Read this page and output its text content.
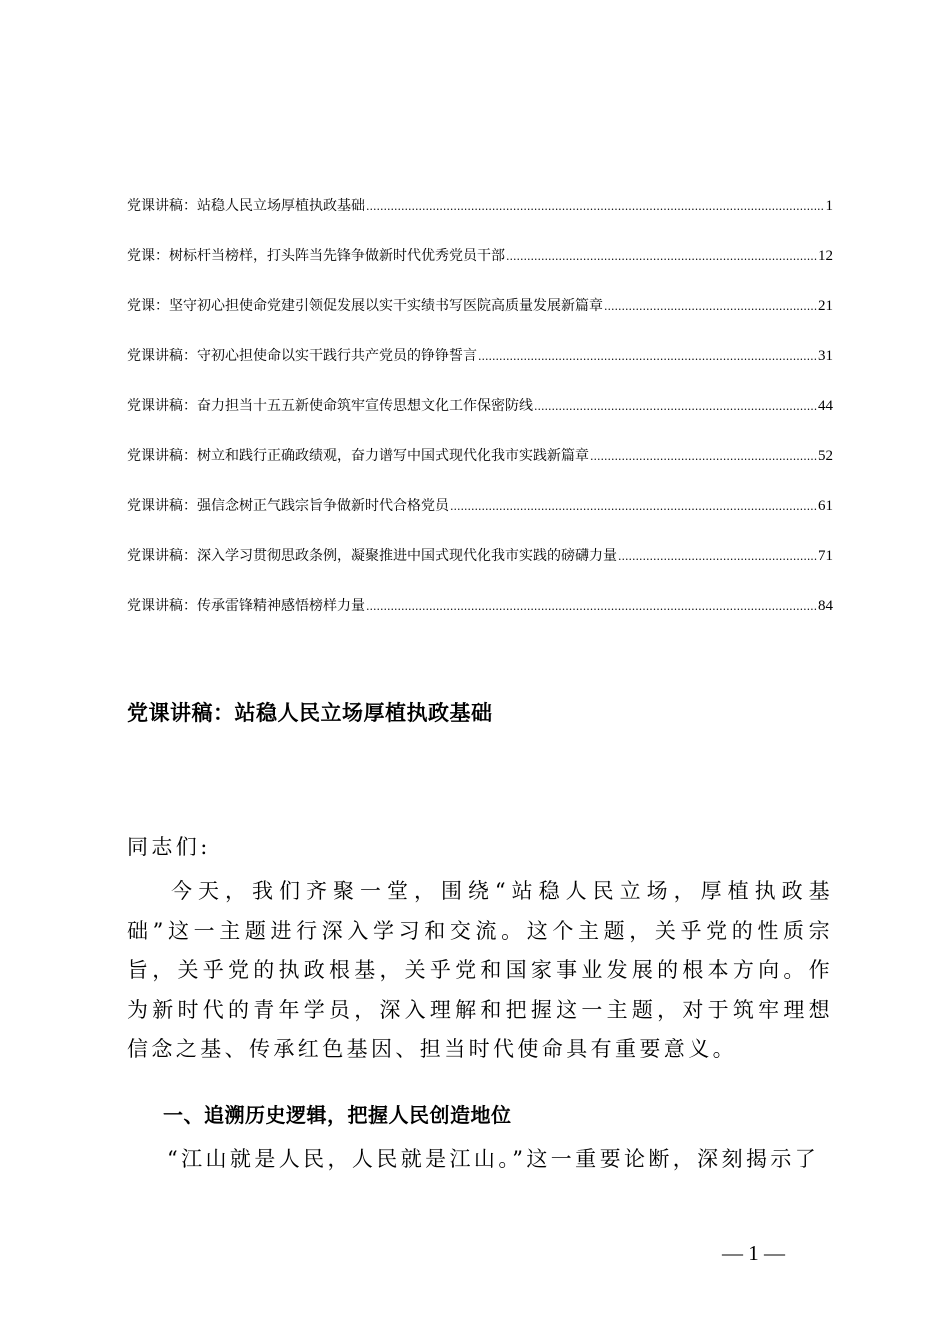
党课讲稿：站稳人民立场厚植执政基础 .....	1
党课：树标杆当榜样，打头阵当先锋争做新时代优秀党员干部 .....	12
党课：坚守初心担使命党建引领促发展以实干实绩书写医院高质量发展新篇章 .....	21
党课讲稿：守初心担使命以实干践行共产党员的铮铮誓言 .....	31
党课讲稿：奋力担当十五五新使命筑牢宣传思想文化工作保密防线 .....	44
党课讲稿：树立和践行正确政绩观，奋力谱写中国式现代化我市实践新篇章 .....	52
党课讲稿：强信念树正气践宗旨争做新时代合格党员 .....	61
党课讲稿：深入学习贯彻思政条例，凝聚推进中国式现代化我市实践的磅礴力量 .....	71
党课讲稿：传承雷锋精神感悟榜样力量 .....	84
党课讲稿：站稳人民立场厚植执政基础
同志们:

今天，我们齐聚一堂，围绕“站稳人民立场，厚植执政基础”这一主题进行深入学习和交流。这个主题，关乎党的性质宗旨，关乎党的执政根基，关乎党和国家事业发展的根本方向。作为新时代的青年学员，深入理解和把握这一主题，对于筑牢理想信念之基、传承红色基因、担当时代使命具有重要意义。

一、追溯历史逻辑，把握人民创造地位
“江山就是人民，人民就是江山。”这一重要论断，深刻揭示了
— 1 —
